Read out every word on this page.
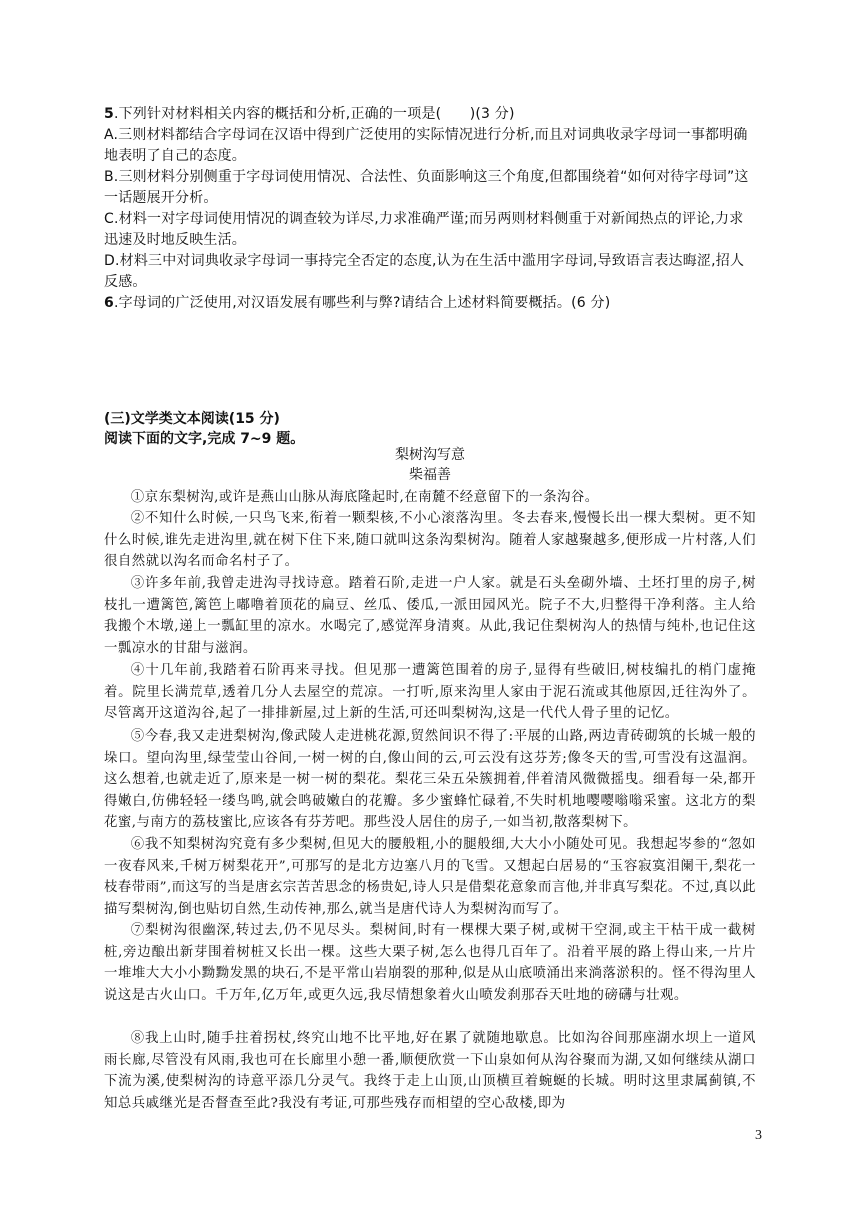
5.下列针对材料相关内容的概括和分析,正确的一项是(　　)(3 分)
A.三则材料都结合字母词在汉语中得到广泛使用的实际情况进行分析,而且对词典收录字母词一事都明确地表明了自己的态度。
B.三则材料分别侧重于字母词使用情况、合法性、负面影响这三个角度,但都围绕着“如何对待字母词”这一话题展开分析。
C.材料一对字母词使用情况的调查较为详尽,力求准确严谨;而另两则材料侧重于对新闻热点的评论,力求迅速及时地反映生活。
D.材料三中对词典收录字母词一事持完全否定的态度,认为在生活中滥用字母词,导致语言表达晦涩,招人反感。
6.字母词的广泛使用,对汉语发展有哪些利与弊?请结合上述材料简要概括。(6 分)
(三)文学类文本阅读(15 分)
阅读下面的文字,完成 7~9 题。
梨树沟写意
柴福善
①京东梨树沟,或许是燕山山脉从海底隆起时,在南麓不经意留下的一条沟谷。
②不知什么时候,一只鸟飞来,衔着一颗梨核,不小心滚落沟里。冬去春来,慢慢长出一棵大梨树。更不知什么时候,谁先走进沟里,就在树下住下来,随口就叫这条沟梨树沟。随着人家越聚越多,便形成一片村落,人们很自然就以沟名而命名村子了。
③许多年前,我曾走进沟寻找诗意。踏着石阶,走进一户人家。就是石头垒砌外墙、土坯打里的房子,树枝扎一遭篱笆,篱笆上嘟噜着顶花的扁豆、丝瓜、倭瓜,一派田园风光。院子不大,归整得干净利落。主人给我搬个木墩,递上一瓢缸里的凉水。水喝完了,感觉浑身清爽。从此,我记住梨树沟人的热情与纯朴,也记住这一瓢凉水的甘甜与滋润。
④十几年前,我踏着石阶再来寻找。但见那一遭篱笆围着的房子,显得有些破旧,树枝编扎的梢门虚掩着。院里长满荒草,透着几分人去屋空的荒凉。一打听,原来沟里人家由于泥石流或其他原因,迁往沟外了。尽管离开这道沟谷,起了一排排新屋,过上新的生活,可还叫梨树沟,这是一代代人骨子里的记忆。
⑤今春,我又走进梨树沟,像武陵人走进桃花源,贸然间识不得了:平展的山路,两边青砖砌筑的长城一般的垛口。望向沟里,绿莹莹山谷间,一树一树的白,像山间的云,可云没有这芬芳;像冬天的雪,可雪没有这温润。这么想着,也就走近了,原来是一树一树的梨花。梨花三朵五朵簇拥着,伴着清风微微摇曳。细看每一朵,都开得嫩白,仿佛轻轻一缕鸟鸣,就会鸣破嫩白的花瓣。多少蜜蜂忙碌着,不失时机地嘤嘤嗡嗡采蜜。这北方的梨花蜜,与南方的荔枝蜜比,应该各有芬芳吧。那些没人居住的房子,一如当初,散落梨树下。
⑥我不知梨树沟究竟有多少梨树,但见大的腰般粗,小的腿般细,大大小小随处可见。我想起岑参的“忽如一夜春风来,千树万树梨花开”,可那写的是北方边塞八月的飞雪。又想起白居易的“玉容寂寞泪阑干,梨花一枝春带雨”,而这写的当是唐玄宗苦苦思念的杨贵妃,诗人只是借梨花意象而言他,并非真写梨花。不过,真以此描写梨树沟,倒也贴切自然,生动传神,那么,就当是唐代诗人为梨树沟而写了。
⑦梨树沟很幽深,转过去,仍不见尽头。梨树间,时有一棵棵大栗子树,或树干空洞,或主干枯干成一截树桩,旁边酿出新芽围着树桩又长出一棵。这些大栗子树,怎么也得几百年了。沿着平展的路上得山来,一片片一堆堆大大小小黝黝发黑的块石,不是平常山岩崩裂的那种,似是从山底喷涌出来淌落淤积的。怪不得沟里人说这是古火山口。千万年,亿万年,或更久远,我尽情想象着火山喷发刹那吞天吐地的磅礴与壮观。
⑧我上山时,随手拄着拐杖,终究山地不比平地,好在累了就随地歇息。比如沟谷间那座湖水坝上一道风雨长廊,尽管没有风雨,我也可在长廊里小憩一番,顺便欣赏一下山泉如何从沟谷聚而为湖,又如何继续从湖口下流为溪,使梨树沟的诗意平添几分灵气。我终于走上山顶,山顶横亘着蜿蜒的长城。明时这里隶属蓟镇,不知总兵戚继光是否督查至此?我没有考证,可那些残存而相望的空心敌楼,即为
3
